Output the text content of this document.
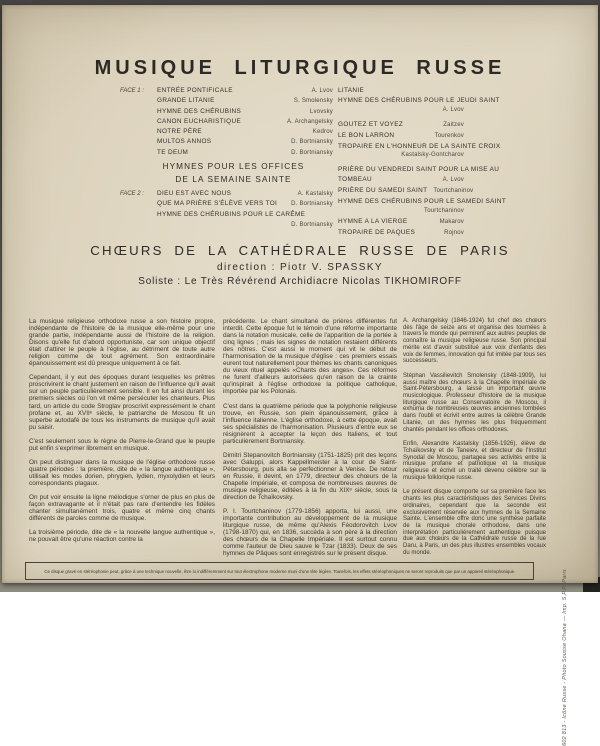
MUSIQUE LITURGIQUE RUSSE
FACE 1 :	ENTRÉE PONTIFICALE	A. Lvov
GRANDE LITANIE	S. Smolensky
HYMNE DES CHÉRUBINS	Lvovsky
CANON EUCHARISTIQUE	A. Archangelsky
NOTRE PÈRE	Kedrov
MULTOS ANNOS	D. Bortniansky
TE DEUM	D. Bortniansky
HYMNES POUR LES OFFICES
DE LA SEMAINE SAINTE
FACE 2 :	DIEU EST AVEC NOUS	A. Kastalsky
QUE MA PRIÈRE S'ÉLÈVE VERS TOI	D. Bortniansky
HYMNE DES CHÉRUBINS POUR LE CARÊME
D. Bortniansky
LITANIE
HYMNE DES CHÉRUBINS POUR LE JEUDI SAINT
A. Lvov
GOUTEZ ET VOYEZ	Zaitzev
LE BON LARRON	Tourenkov
TROPAIRE EN L'HONNEUR DE LA SAINTE CROIX
Kastalsky-Gontcharov
PRIÈRE DU VENDREDI SAINT POUR LA MISE AU
TOMBEAU	A. Lvov
PRIÈRE DU SAMEDI SAINT	Tourtchaninov
HYMNE DES CHÉRUBINS POUR LE SAMEDI SAINT
Tourtchaninov
HYMNE A LA VIERGE	Makarov
TROPAIRE DE PAQUES	Rojnov
CHŒURS DE LA CATHÉDRALE RUSSE DE PARIS
direction : Piotr V. SPASSKY
Soliste : Le Très Révérend Archidiacre Nicolas TIKHOMIROFF

La musique religieuse orthodoxe russe a son histoire propre, indépendante de l'histoire de la musique elle-même pour une grande partie, indépendante aussi de l'histoire de la religion. Disons qu'elle fut d'abord opportuniste, car son unique objectif était d'attirer le peuple à l'église, au détriment de toute autre religion comme de tout agrément. Son extraordinaire épanouissement est dû presque uniquement à ce fait.

Cependant, il y eut des époques durant lesquelles les prêtres proscrivirent le chant justement en raison de l'influence qu'il avait sur un peuple particulièrement sensible. Il en fut ainsi durant les premiers siècles où l'on vit même persécuter les chanteurs. Plus tard, un article du code Stroglav proscrivit expressément le chant profane et, au XVIIᵉ siècle, le patriarche de Moscou fit un superbe autodafé de tous les instruments de musique qu'il avait pu saisir.

C'est seulement sous le règne de Pierre-le-Grand que le peuple put enfin s'exprimer librement en musique.

On peut distinguer dans la musique de l'église orthodoxe russe quatre périodes : la première, dite de « la langue authentique », utilisait les modes dorien, phrygien, lydien, myxolydien et leurs correspondants plagaux.

On put voir ensuite la ligne mélodique s'orner de plus en plus de façon extravagante et il n'était pas rare d'entendre les fidèles chanter simultanément trois, quatre et même cinq chants différents de paroles comme de musique.

La troisième période, dite de « la nouvelle langue authentique », ne pouvait être qu'une réaction contre la

précédente. Le chant simultané de prières différentes fut interdit. Cette époque fut le témoin d'une réforme importante dans la notation musicale, celle de l'apparition de la portée à cinq lignes ; mais les signes de notation restaient différents des nôtres. C'est aussi le moment qui vit le début de l'harmonisation de la musique d'église : ces premiers essais eurent tout naturellement pour thèmes les chants canoniques du vieux rituel appelés «Chants des anges». Ces réformes ne furent d'ailleurs autorisées qu'en raison de la crainte qu'inspirait à l'église orthodoxe la politique catholique, importée par les Polonais.

C'est dans la quatrième période que la polyphonie religieuse trouve, en Russie, son plein épanouissement, grâce à l'influence italienne. L'église orthodoxe, à cette époque, avait ses spécialistes de l'harmonisation. Plusieurs d'entre eux se résignèrent à accepter la leçon des Italiens, et tout particulièrement Bortniansky.

Dimitri Stepanovitch Bortniansky (1751-1825) prit des leçons avec Galuppi, alors Kappellmeister à la cour de Saint-Pétersbourg, puis alla se perfectionner à Venise. De retour en Russie, il devint, en 1779, directeur des chœurs de la Chapelle Impériale, et composa de nombreuses œuvres de musique religieuse, éditées à la fin du XIXᵉ siècle, sous la direction de Tchaïkovsky.

P. I. Tourtchaninov (1779-1856) apporta, lui aussi, une importante contribution au développement de la musique liturgique russe, de même qu'Alexis Féodorovitch Lvov (1798-1870) qui, en 1836, succéda à son père à la direction des chœurs de la Chapelle Impériale. Il est surtout connu comme l'auteur de Dieu sauve le Tzar (1833). Deux de ses hymnes de Pâques sont enregistrés sur le présent disque.

A. Archangelsky (1846-1924) fut chef des chœurs dès l'âge de seize ans et organisa des tournées à travers le monde qui permirent aux autres peuples de connaître la musique religieuse russe. Son principal mérite est d'avoir substitué aux voix d'enfants des voix de femmes, innovation qui fut imitée par tous ses successeurs.

Stéphan Vassilievitch Smolensky (1848-1909), lui aussi maître des chœurs à la Chapelle Impériale de Saint-Pétersbourg, a laissé un important œuvre musicologique. Professeur d'histoire de la musique liturgique russe au Conservatoire de Moscou, il exhuma de nombreuses œuvres anciennes tombées dans l'oubli et écrivit entre autres la célèbre Grande Litanie, un des hymnes les plus fréquemment chantés pendant les offices orthodoxes.

Enfin, Alexandre Kastalsky (1856-1926), élève de Tchaïkovsky et de Taneiev, et directeur de l'Institut Synodal de Moscou, partagea ses activités entre la musique profane et patriotique et la musique religieuse et écrivit un traité devenu célèbre sur la musique folklorique russe.

Le présent disque comporte sur sa première face les chants les plus caractéristiques des Services Divins ordinaires, cependant que la seconde est exclusivement réservée aux hymnes de la Semaine Sainte. L'ensemble offre donc une synthèse parfaite de la musique chorale orthodoxe, dans une interprétation particulièrement authentique puisque due aux chœurs de la Cathédrale russe de la rue Daru, à Paris, un des plus illustres ensembles vocaux du monde.

Ce disque gravé en stéréophonie peut, grâce à une technique nouvelle, être lu indifféremment sur tout électrophone moderne muni d'une tête légère. Toutefois, les effets stéréophoniques ne seront reproduits que par un appareil stéréophonique.	602 813 - Icône Russe - Photo Sousse Ohana — Imp. S.P.P. Paris
